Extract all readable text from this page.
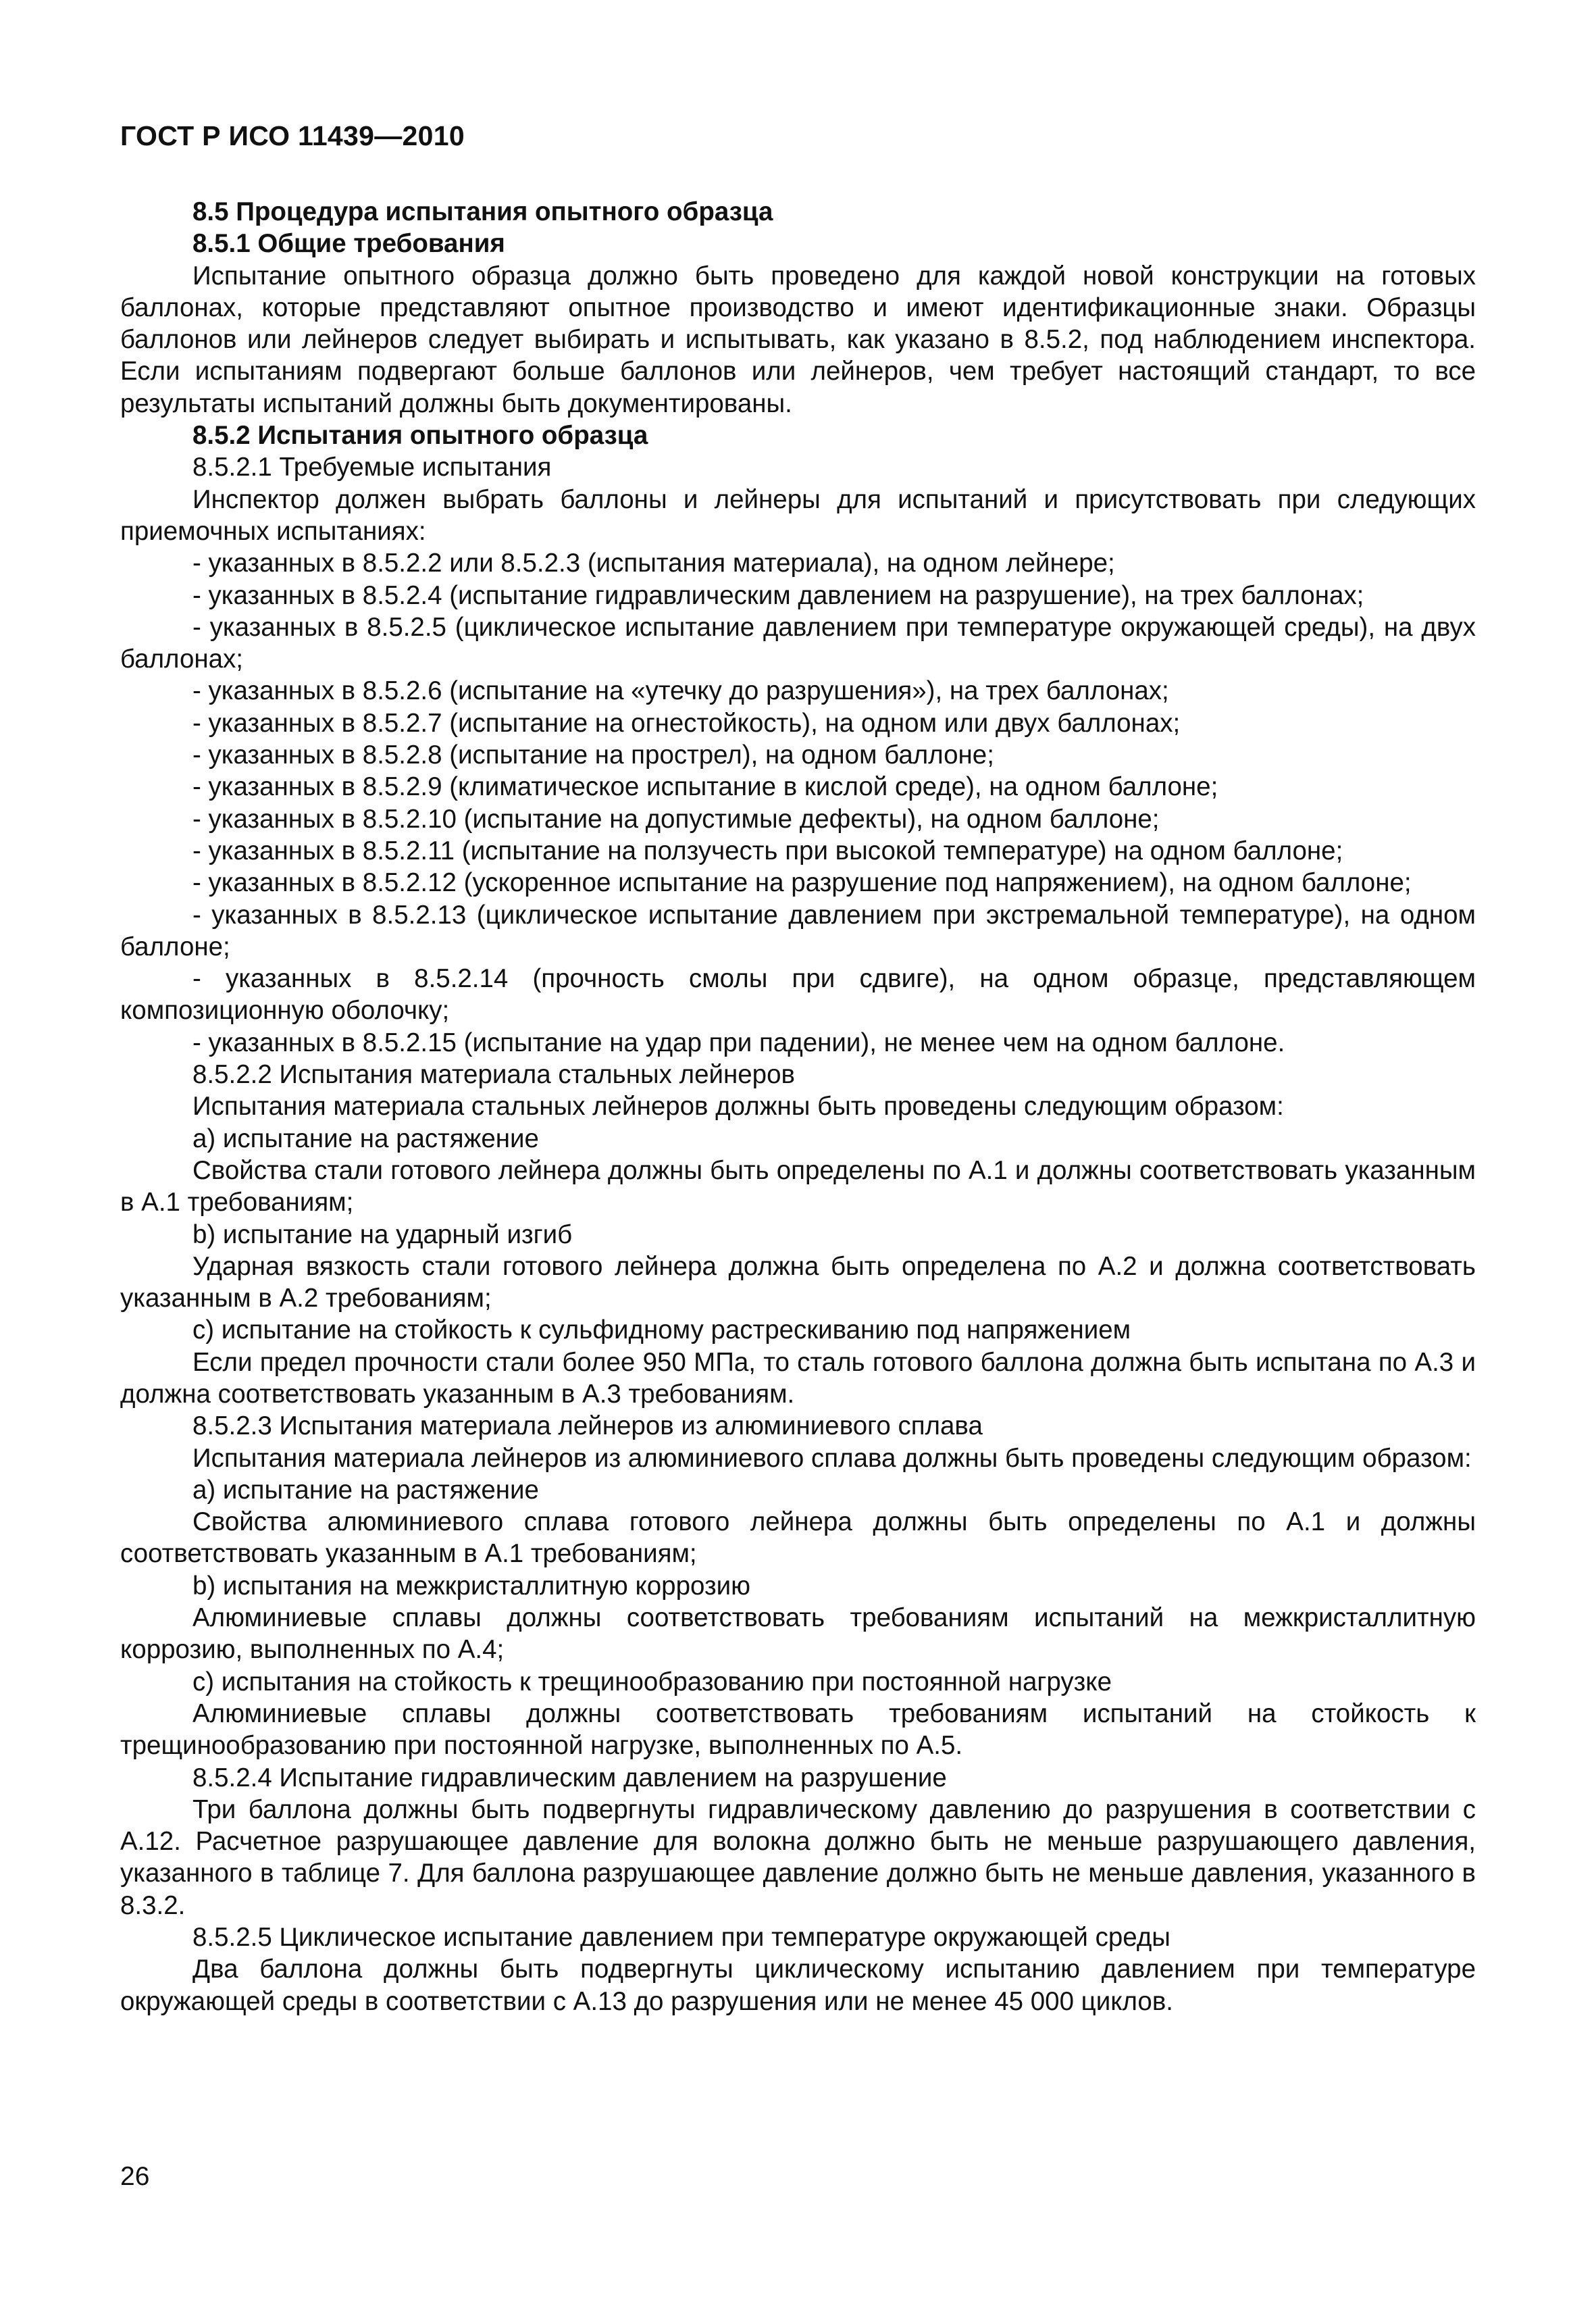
ГОСТ Р ИСО 11439—2010

8.5 Процедура испытания опытного образца

8.5.1 Общие требования

Испытание опытного образца должно быть проведено для каждой новой конструкции на готовых баллонах, которые представляют опытное производство и имеют идентификационные знаки. Образцы баллонов или лейнеров следует выбирать и испытывать, как указано в 8.5.2, под наблюдением инспектора. Если испытаниям подвергают больше баллонов или лейнеров, чем требует настоящий стандарт, то все результаты испытаний должны быть документированы.

8.5.2 Испытания опытного образца

8.5.2.1 Требуемые испытания

Инспектор должен выбрать баллоны и лейнеры для испытаний и присутствовать при следующих приемочных испытаниях:

- указанных в 8.5.2.2 или 8.5.2.3 (испытания материала), на одном лейнере;

- указанных в 8.5.2.4 (испытание гидравлическим давлением на разрушение), на трех баллонах;

- указанных в 8.5.2.5 (циклическое испытание давлением при температуре окружающей среды), на двух баллонах;

- указанных в 8.5.2.6 (испытание на «утечку до разрушения»), на трех баллонах;

- указанных в 8.5.2.7 (испытание на огнестойкость), на одном или двух баллонах;

- указанных в 8.5.2.8 (испытание на прострел), на одном баллоне;

- указанных в 8.5.2.9 (климатическое испытание в кислой среде), на одном баллоне;

- указанных в 8.5.2.10 (испытание на допустимые дефекты), на одном баллоне;

- указанных в 8.5.2.11 (испытание на ползучесть при высокой температуре) на одном баллоне;

- указанных в 8.5.2.12 (ускоренное испытание на разрушение под напряжением), на одном баллоне;

- указанных в 8.5.2.13 (циклическое испытание давлением при экстремальной температуре), на одном баллоне;

- указанных в 8.5.2.14 (прочность смолы при сдвиге), на одном образце, представляющем композиционную оболочку;

- указанных в 8.5.2.15 (испытание на удар при падении), не менее чем на одном баллоне.

8.5.2.2 Испытания материала стальных лейнеров

Испытания материала стальных лейнеров должны быть проведены следующим образом:

a) испытание на растяжение

Свойства стали готового лейнера должны быть определены по А.1 и должны соответствовать указанным в А.1 требованиям;

b) испытание на ударный изгиб

Ударная вязкость стали готового лейнера должна быть определена по А.2 и должна соответствовать указанным в А.2 требованиям;

c) испытание на стойкость к сульфидному растрескиванию под напряжением

Если предел прочности стали более 950 МПа, то сталь готового баллона должна быть испытана по А.3 и должна соответствовать указанным в А.3 требованиям.

8.5.2.3 Испытания материала лейнеров из алюминиевого сплава

Испытания материала лейнеров из алюминиевого сплава должны быть проведены следующим образом:

a) испытание на растяжение

Свойства алюминиевого сплава готового лейнера должны быть определены по А.1 и должны соответствовать указанным в А.1 требованиям;

b) испытания на межкристаллитную коррозию

Алюминиевые сплавы должны соответствовать требованиям испытаний на межкристаллитную коррозию, выполненных по А.4;

c) испытания на стойкость к трещинообразованию при постоянной нагрузке

Алюминиевые сплавы должны соответствовать требованиям испытаний на стойкость к трещинообразованию при постоянной нагрузке, выполненных по А.5.

8.5.2.4 Испытание гидравлическим давлением на разрушение

Три баллона должны быть подвергнуты гидравлическому давлению до разрушения в соответствии с А.12. Расчетное разрушающее давление для волокна должно быть не меньше разрушающего давления, указанного в таблице 7. Для баллона разрушающее давление должно быть не меньше давления, указанного в 8.3.2.

8.5.2.5 Циклическое испытание давлением при температуре окружающей среды

Два баллона должны быть подвергнуты циклическому испытанию давлением при температуре окружающей среды в соответствии с А.13 до разрушения или не менее 45 000 циклов.

26
